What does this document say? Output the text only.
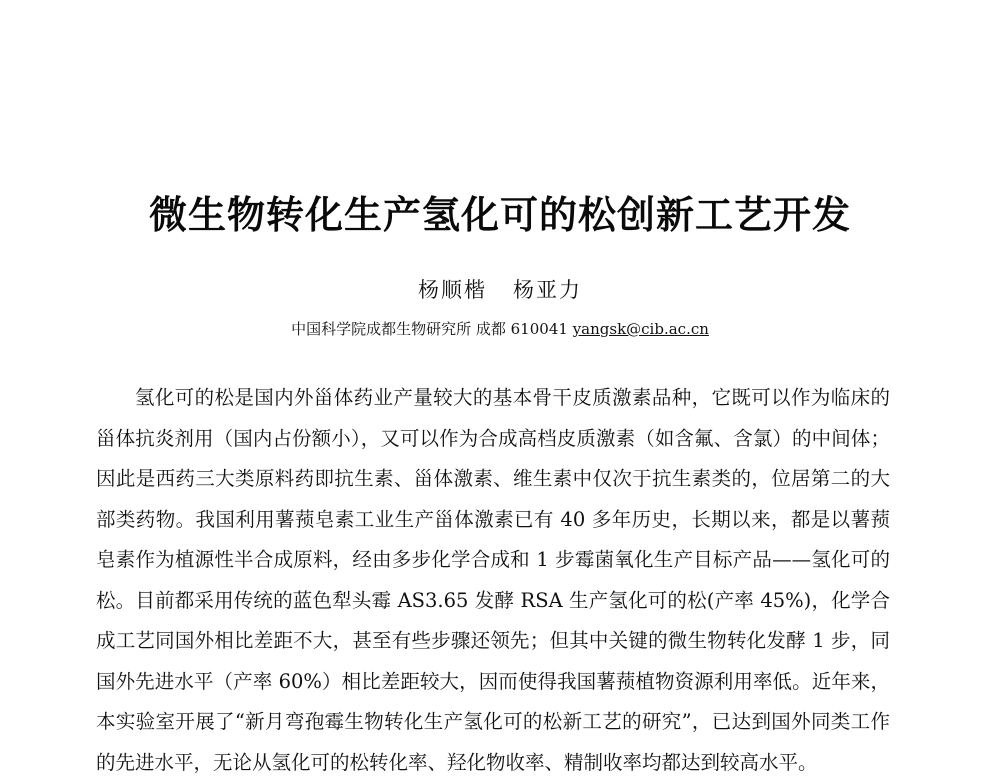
微生物转化生产氢化可的松创新工艺开发
杨顺楷 杨亚力
中国科学院成都生物研究所 成都 610041 yangsk@cib.ac.cn

氢化可的松是国内外甾体药业产量较大的基本骨干皮质激素品种，它既可以作为临床的甾体抗炎剂用（国内占份额小），又可以作为合成高档皮质激素（如含氟、含氯）的中间体；因此是西药三大类原料药即抗生素、甾体激素、维生素中仅次于抗生素类的，位居第二的大部类药物。我国利用薯蓣皂素工业生产甾体激素已有 40 多年历史，长期以来，都是以薯蓣皂素作为植源性半合成原料，经由多步化学合成和 1 步霉菌氧化生产目标产品——氢化可的松。目前都采用传统的蓝色犁头霉 AS3.65 发酵 RSA 生产氢化可的松(产率 45%)，化学合成工艺同国外相比差距不大，甚至有些步骤还领先；但其中关键的微生物转化发酵 1 步，同国外先进水平（产率 60%）相比差距较大，因而使得我国薯蓣植物资源利用率低。近年来，本实验室开展了“新月弯孢霉生物转化生产氢化可的松新工艺的研究”，已达到国外同类工作的先进水平，无论从氢化可的松转化率、羟化物收率、精制收率均都达到较高水平。
